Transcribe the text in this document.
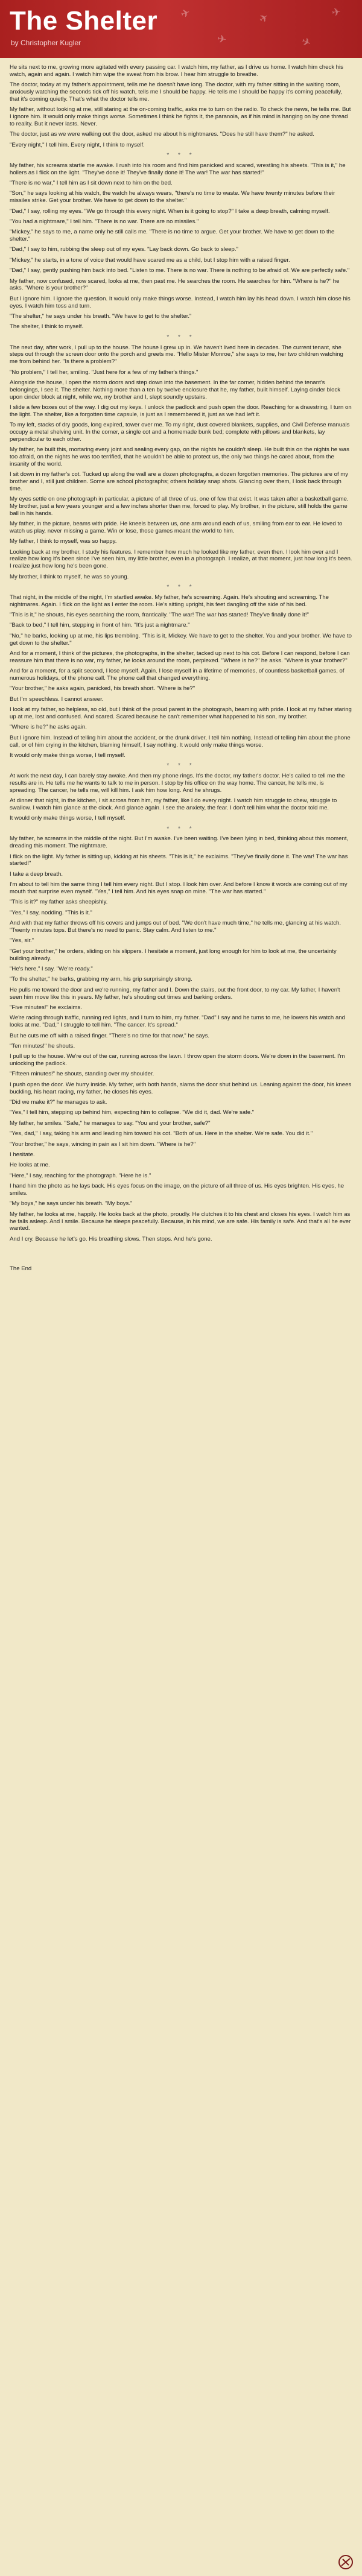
✈
✈
✈
✈
✈
The Shelter
by Christopher Kugler

He sits next to me, growing more agitated with every passing car. I watch him, my father, as I drive us home. I watch him check his watch, again and again. I watch him wipe the sweat from his brow. I hear him struggle to breathe.

The doctor, today at my father's appointment, tells me he doesn't have long. The doctor, with my father sitting in the waiting room, anxiously watching the seconds tick off his watch, tells me I should be happy. He tells me I should be happy it's coming peacefully, that it's coming quietly. That's what the doctor tells me.

My father, without looking at me, still staring at the on-coming traffic, asks me to turn on the radio. To check the news, he tells me. But I ignore him. It would only make things worse. Sometimes I think he fights it, the paranoia, as if his mind is hanging on by one thread to reality. But it never lasts. Never.

The doctor, just as we were walking out the door, asked me about his nightmares. "Does he still have them?" he asked.

"Every night," I tell him. Every night, I think to myself.

* * *

My father, his screams startle me awake. I rush into his room and find him panicked and scared, wrestling his sheets. "This is it," he hollers as I flick on the light. "They've done it! They've finally done it! The war! The war has started!"

"There is no war," I tell him as I sit down next to him on the bed.

"Son," he says looking at his watch, the watch he always wears, "there's no time to waste. We have twenty minutes before their missiles strike. Get your brother. We have to get down to the shelter."

"Dad," I say, rolling my eyes. "We go through this every night. When is it going to stop?" I take a deep breath, calming myself.

"You had a nightmare," I tell him. "There is no war. There are no missiles."

"Mickey," he says to me, a name only he still calls me. "There is no time to argue. Get your brother. We have to get down to the shelter."

"Dad," I say to him, rubbing the sleep out of my eyes. "Lay back down. Go back to sleep."

"Mickey," he starts, in a tone of voice that would have scared me as a child, but I stop him with a raised finger.

"Dad," I say, gently pushing him back into bed. "Listen to me. There is no war. There is nothing to be afraid of. We are perfectly safe."

My father, now confused, now scared, looks at me, then past me. He searches the room. He searches for him. "Where is he?" he asks. "Where is your brother?"

But I ignore him. I ignore the question. It would only make things worse. Instead, I watch him lay his head down. I watch him close his eyes. I watch him toss and turn.

"The shelter," he says under his breath. "We have to get to the shelter."

The shelter, I think to myself.

* * *

The next day, after work, I pull up to the house. The house I grew up in. We haven't lived here in decades. The current tenant, she steps out through the screen door onto the porch and greets me. "Hello Mister Monroe," she says to me, her two children watching me from behind her. "Is there a problem?"

"No problem," I tell her, smiling. "Just here for a few of my father's things."

Alongside the house, I open the storm doors and step down into the basement. In the far corner, hidden behind the tenant's belongings, I see it. The shelter. Nothing more than a ten by twelve enclosure that he, my father, built himself. Laying cinder block upon cinder block at night, while we, my brother and I, slept soundly upstairs.

I slide a few boxes out of the way. I dig out my keys. I unlock the padlock and push open the door. Reaching for a drawstring, I turn on the light. The shelter, like a forgotten time capsule, is just as I remembered it, just as we had left it.

To my left, stacks of dry goods, long expired, tower over me. To my right, dust covered blankets, supplies, and Civil Defense manuals occupy a metal shelving unit. In the corner, a single cot and a homemade bunk bed; complete with pillows and blankets, lay perpendicular to each other.

My father, he built this, mortaring every joint and sealing every gap, on the nights he couldn't sleep. He built this on the nights he was too afraid, on the nights he was too terrified, that he wouldn't be able to protect us, the only two things he cared about, from the insanity of the world.

I sit down in my father's cot. Tucked up along the wall are a dozen photographs, a dozen forgotten memories. The pictures are of my brother and I, still just children. Some are school photographs; others holiday snap shots. Glancing over them, I look back through time.

My eyes settle on one photograph in particular, a picture of all three of us, one of few that exist. It was taken after a basketball game. My brother, just a few years younger and a few inches shorter than me, forced to play. My brother, in the picture, still holds the game ball in his hands.

My father, in the picture, beams with pride. He kneels between us, one arm around each of us, smiling from ear to ear. He loved to watch us play, never missing a game. Win or lose, those games meant the world to him.

My father, I think to myself, was so happy.

Looking back at my brother, I study his features. I remember how much he looked like my father, even then. I look him over and I realize how long it's been since I've seen him, my little brother, even in a photograph. I realize, at that moment, just how long it's been. I realize just how long he's been gone.

My brother, I think to myself, he was so young.

* * *

That night, in the middle of the night, I'm startled awake. My father, he's screaming. Again. He's shouting and screaming. The nightmares. Again. I flick on the light as I enter the room. He's sitting upright, his feet dangling off the side of his bed.

"This is it," he shouts, his eyes searching the room, frantically. "The war! The war has started! They've finally done it!"

"Back to bed," I tell him, stepping in front of him. "It's just a nightmare."

"No," he barks, looking up at me, his lips trembling. "This is it, Mickey. We have to get to the shelter. You and your brother. We have to get down to the shelter."

And for a moment, I think of the pictures, the photographs, in the shelter, tacked up next to his cot. Before I can respond, before I can reassure him that there is no war, my father, he looks around the room, perplexed. "Where is he?" he asks. "Where is your brother?"

And for a moment, for a split second, I lose myself. Again. I lose myself in a lifetime of memories, of countless basketball games, of numerous holidays, of the phone call. The phone call that changed everything.

"Your brother," he asks again, panicked, his breath short. "Where is he?"

But I'm speechless. I cannot answer.

I look at my father, so helpless, so old, but I think of the proud parent in the photograph, beaming with pride. I look at my father staring up at me, lost and confused. And scared. Scared because he can't remember what happened to his son, my brother.

"Where is he?" he asks again.

But I ignore him. Instead of telling him about the accident, or the drunk driver, I tell him nothing. Instead of telling him about the phone call, or of him crying in the kitchen, blaming himself, I say nothing. It would only make things worse.

It would only make things worse, I tell myself.

* * *

At work the next day, I can barely stay awake. And then my phone rings. It's the doctor, my father's doctor. He's called to tell me the results are in. He tells me he wants to talk to me in person. I stop by his office on the way home. The cancer, he tells me, is spreading. The cancer, he tells me, will kill him. I ask him how long. And he shrugs.

At dinner that night, in the kitchen, I sit across from him, my father, like I do every night. I watch him struggle to chew, struggle to swallow. I watch him glance at the clock. And glance again. I see the anxiety, the fear. I don't tell him what the doctor told me.

It would only make things worse, I tell myself.

* * *

My father, he screams in the middle of the night. But I'm awake. I've been waiting. I've been lying in bed, thinking about this moment, dreading this moment. The nightmare.

I flick on the light. My father is sitting up, kicking at his sheets. "This is it," he exclaims. "They've finally done it. The war! The war has started!"

I take a deep breath.

I'm about to tell him the same thing I tell him every night. But I stop. I look him over. And before I know it words are coming out of my mouth that surprise even myself. "Yes," I tell him. And his eyes snap on mine. "The war has started."

"This is it?" my father asks sheepishly.

"Yes," I say, nodding. "This is it."

And with that my father throws off his covers and jumps out of bed. "We don't have much time," he tells me, glancing at his watch. "Twenty minutes tops. But there's no need to panic. Stay calm. And listen to me."

"Yes, sir."

"Get your brother," he orders, sliding on his slippers. I hesitate a moment, just long enough for him to look at me, the uncertainty building already.

"He's here," I say. "We're ready."

"To the shelter," he barks, grabbing my arm, his grip surprisingly strong.

He pulls me toward the door and we're running, my father and I. Down the stairs, out the front door, to my car. My father, I haven't seen him move like this in years. My father, he's shouting out times and barking orders.

"Five minutes!" he exclaims.

We're racing through traffic, running red lights, and I turn to him, my father. "Dad" I say and he turns to me, he lowers his watch and looks at me. "Dad," I struggle to tell him. "The cancer. It's spread."

But he cuts me off with a raised finger. "There's no time for that now," he says.

"Ten minutes!" he shouts.

I pull up to the house. We're out of the car, running across the lawn. I throw open the storm doors. We're down in the basement. I'm unlocking the padlock.

"Fifteen minutes!" he shouts, standing over my shoulder.

I push open the door. We hurry inside. My father, with both hands, slams the door shut behind us. Leaning against the door, his knees buckling, his heart racing, my father, he closes his eyes.

"Did we make it?" he manages to ask.

"Yes," I tell him, stepping up behind him, expecting him to collapse. "We did it, dad. We're safe."

My father, he smiles. "Safe," he manages to say. "You and your brother, safe?"

"Yes, dad," I say, taking his arm and leading him toward his cot. "Both of us. Here in the shelter. We're safe. You did it."

"Your brother," he says, wincing in pain as I sit him down. "Where is he?"

I hesitate.

He looks at me.

"Here," I say, reaching for the photograph. "Here he is."

I hand him the photo as he lays back. His eyes focus on the image, on the picture of all three of us. His eyes brighten. His eyes, he smiles.

"My boys," he says under his breath. "My boys."

My father, he looks at me, happily. He looks back at the photo, proudly. He clutches it to his chest and closes his eyes. I watch him as he falls asleep. And I smile. Because he sleeps peacefully. Because, in his mind, we are safe. His family is safe. And that's all he ever wanted.

And I cry. Because he let's go. His breathing slows. Then stops. And he's gone.

The End
